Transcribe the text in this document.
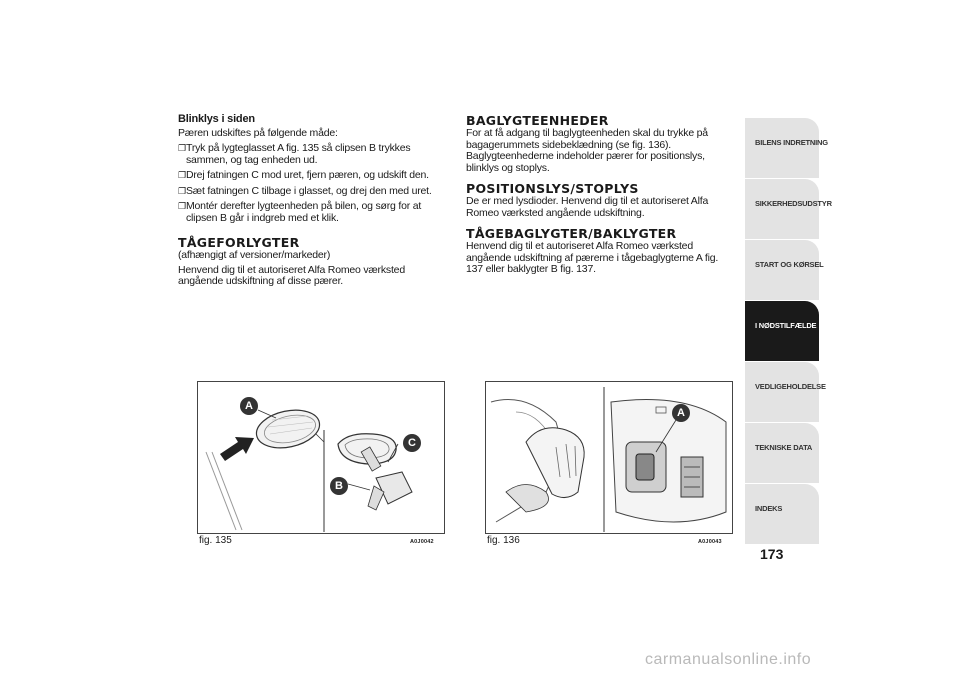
Blinklys i siden

Pæren udskiftes på følgende måde:

❐ Tryk på lygteglasset A fig. 135 så clipsen B trykkes sammen, og tag enheden ud.
❐ Drej fatningen C mod uret, fjern pæren, og udskift den.
❐ Sæt fatningen C tilbage i glasset, og drej den med uret.
❐ Montér derefter lygteenheden på bilen, og sørg for at clipsen B går i indgreb med et klik.
TÅGEFORLYGTER

(afhængigt af versioner/markeder)

Henvend dig til et autoriseret Alfa Romeo værksted angående udskiftning af disse pærer.

BAGLYGTEENHEDER

For at få adgang til baglygteenheden skal du trykke på bagagerummets sidebeklædning (se fig. 136). Baglygteenhederne indeholder pærer for positionslys, blinklys og stoplys.

POSITIONSLYS/STOPLYS

De er med lysdioder. Henvend dig til et autoriseret Alfa Romeo værksted angående udskiftning.

TÅGEBAGLYGTER/BAKLYGTER

Henvend dig til et autoriseret Alfa Romeo værksted angående udskiftning af pærerne i tågebaglygterne A fig. 137 eller baklygter B fig. 137.

A
C
B
fig. 135	A0J0042
A
fig. 136	A0J0043
BILENS INDRETNING
SIKKERHEDSUDSTYR
START OG KØRSEL
I NØDSTILFÆLDE
VEDLIGEHOLDELSE
TEKNISKE DATA
INDEKS
173
carmanualsonline.info
